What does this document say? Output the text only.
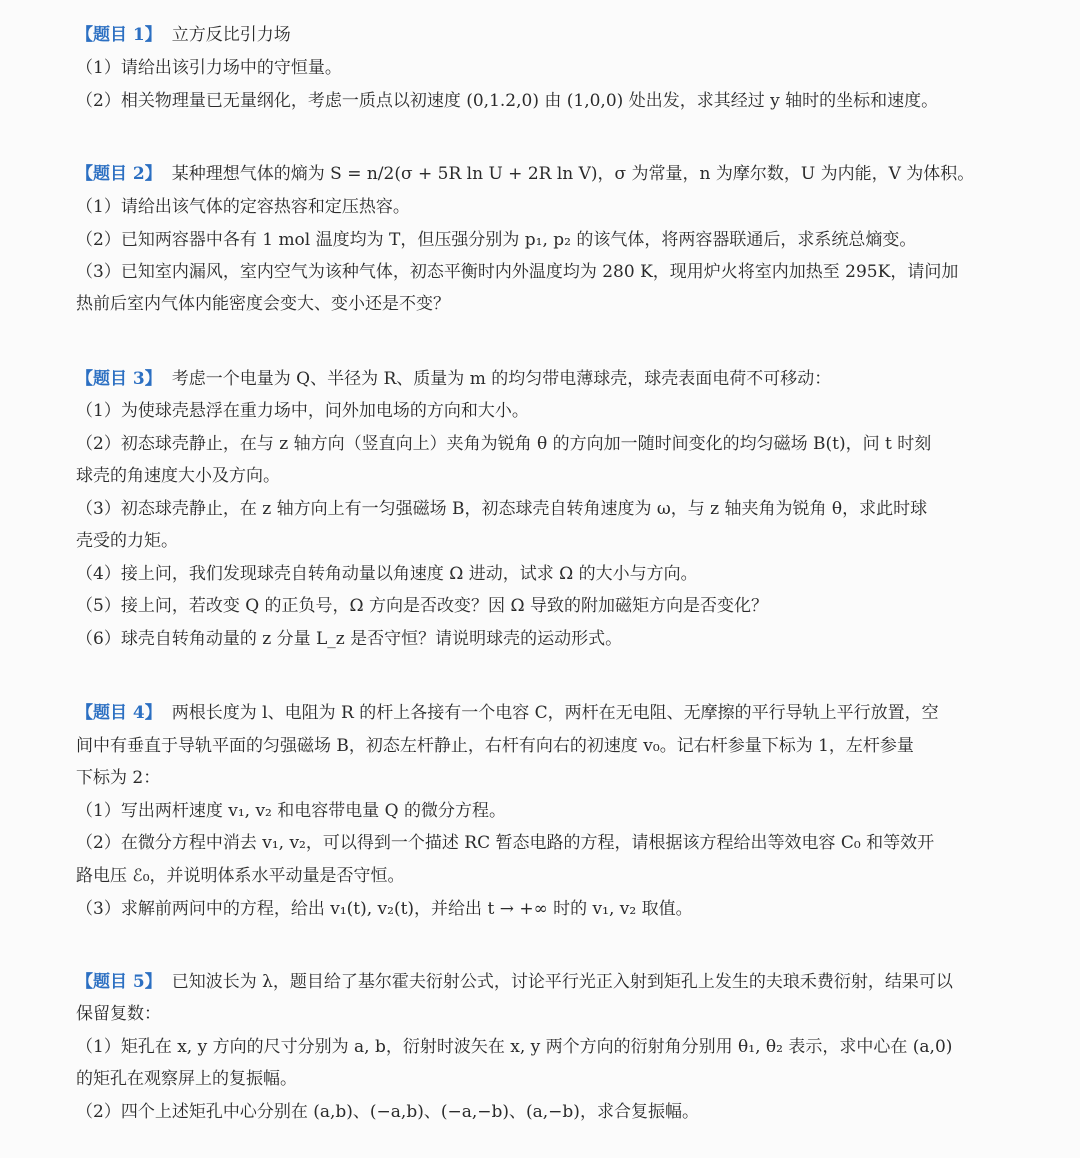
【题目 1】 立方反比引力场
（1）请给出该引力场中的守恒量。
（2）相关物理量已无量纲化，考虑一质点以初速度 (0,1.2,0) 由 (1,0,0) 处出发，求其经过 y 轴时的坐标和速度。
【题目 2】 某种理想气体的熵为 S = n/2(σ + 5R ln U + 2R ln V)，σ 为常量，n 为摩尔数，U 为内能，V 为体积。
（1）请给出该气体的定容热容和定压热容。
（2）已知两容器中各有 1 mol 温度均为 T，但压强分别为 p₁, p₂ 的该气体，将两容器联通后，求系统总熵变。
（3）已知室内漏风，室内空气为该种气体，初态平衡时内外温度均为 280 K，现用炉火将室内加热至 295K，请问加
热前后室内气体内能密度会变大、变小还是不变？
【题目 3】 考虑一个电量为 Q、半径为 R、质量为 m 的均匀带电薄球壳，球壳表面电荷不可移动：
（1）为使球壳悬浮在重力场中，问外加电场的方向和大小。
（2）初态球壳静止，在与 z 轴方向（竖直向上）夹角为锐角 θ 的方向加一随时间变化的均匀磁场 B(t)，问 t 时刻
球壳的角速度大小及方向。
（3）初态球壳静止，在 z 轴方向上有一匀强磁场 B，初态球壳自转角速度为 ω，与 z 轴夹角为锐角 θ，求此时球
壳受的力矩。
（4）接上问，我们发现球壳自转角动量以角速度 Ω 进动，试求 Ω 的大小与方向。
（5）接上问，若改变 Q 的正负号，Ω 方向是否改变？因 Ω 导致的附加磁矩方向是否变化？
（6）球壳自转角动量的 z 分量 L_z 是否守恒？请说明球壳的运动形式。
【题目 4】 两根长度为 l、电阻为 R 的杆上各接有一个电容 C，两杆在无电阻、无摩擦的平行导轨上平行放置，空
间中有垂直于导轨平面的匀强磁场 B，初态左杆静止，右杆有向右的初速度 v₀。记右杆参量下标为 1，左杆参量
下标为 2：
（1）写出两杆速度 v₁, v₂ 和电容带电量 Q 的微分方程。
（2）在微分方程中消去 v₁, v₂，可以得到一个描述 RC 暂态电路的方程，请根据该方程给出等效电容 C₀ 和等效开
路电压 ℰ₀，并说明体系水平动量是否守恒。
（3）求解前两问中的方程，给出 v₁(t), v₂(t)，并给出 t → +∞ 时的 v₁, v₂ 取值。
【题目 5】 已知波长为 λ，题目给了基尔霍夫衍射公式，讨论平行光正入射到矩孔上发生的夫琅禾费衍射，结果可以
保留复数：
（1）矩孔在 x, y 方向的尺寸分别为 a, b，衍射时波矢在 x, y 两个方向的衍射角分别用 θ₁, θ₂ 表示，求中心在 (a,0)
的矩孔在观察屏上的复振幅。
（2）四个上述矩孔中心分别在 (a,b)、(−a,b)、(−a,−b)、(a,−b)，求合复振幅。
